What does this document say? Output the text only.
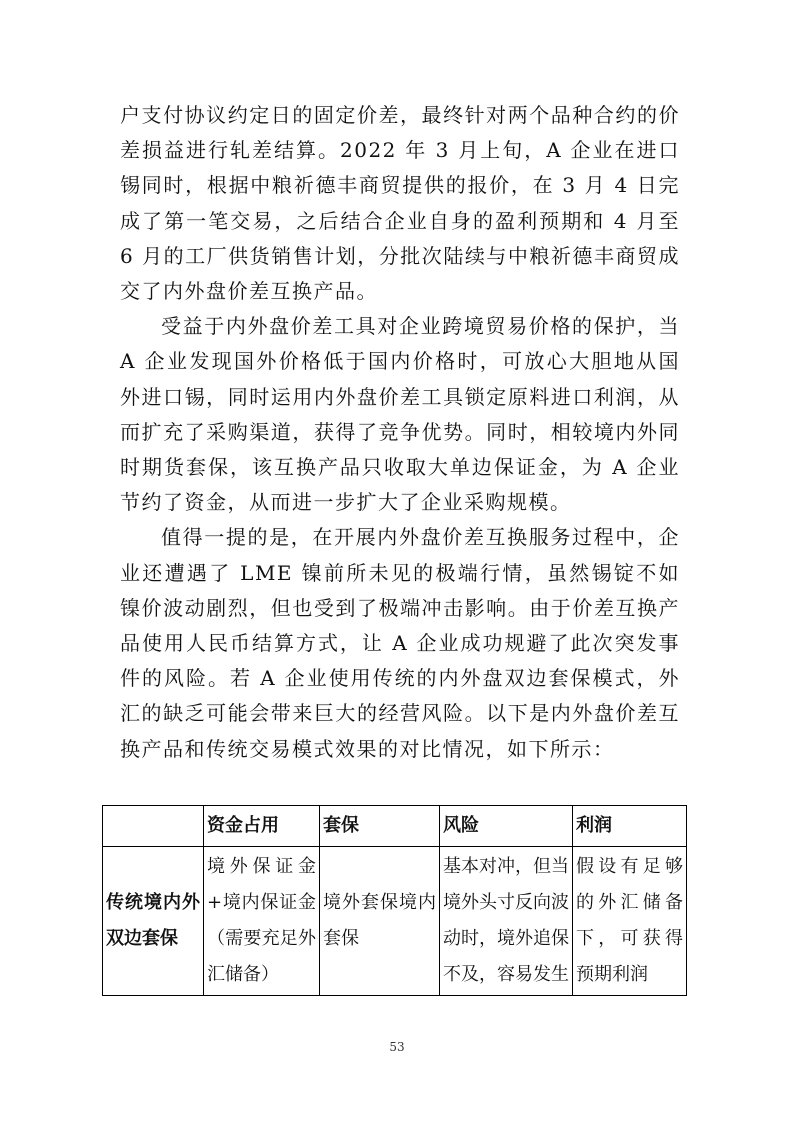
户支付协议约定日的固定价差，最终针对两个品种合约的价差损益进行轧差结算。2022 年 3 月上旬，A 企业在进口锡同时，根据中粮祈德丰商贸提供的报价，在 3 月 4 日完成了第一笔交易，之后结合企业自身的盈利预期和 4 月至 6 月的工厂供货销售计划，分批次陆续与中粮祈德丰商贸成交了内外盘价差互换产品。

受益于内外盘价差工具对企业跨境贸易价格的保护，当 A 企业发现国外价格低于国内价格时，可放心大胆地从国外进口锡，同时运用内外盘价差工具锁定原料进口利润，从而扩充了采购渠道，获得了竞争优势。同时，相较境内外同时期货套保，该互换产品只收取大单边保证金，为 A 企业节约了资金，从而进一步扩大了企业采购规模。

值得一提的是，在开展内外盘价差互换服务过程中，企业还遭遇了 LME 镍前所未见的极端行情，虽然锡锭不如镍价波动剧烈，但也受到了极端冲击影响。由于价差互换产品使用人民币结算方式，让 A 企业成功规避了此次突发事件的风险。若 A 企业使用传统的内外盘双边套保模式，外汇的缺乏可能会带来巨大的经营风险。以下是内外盘价差互换产品和传统交易模式效果的对比情况，如下所示：

	资金占用	套保	风险	利润
传统境内外双边套保	境外保证金+境内保证金（需要充足外汇储备）	境外套保境内套保	基本对冲，但当境外头寸反向波动时，境外追保不及，容易发生	假设有足够的外汇储备下，可获得预期利润
53
